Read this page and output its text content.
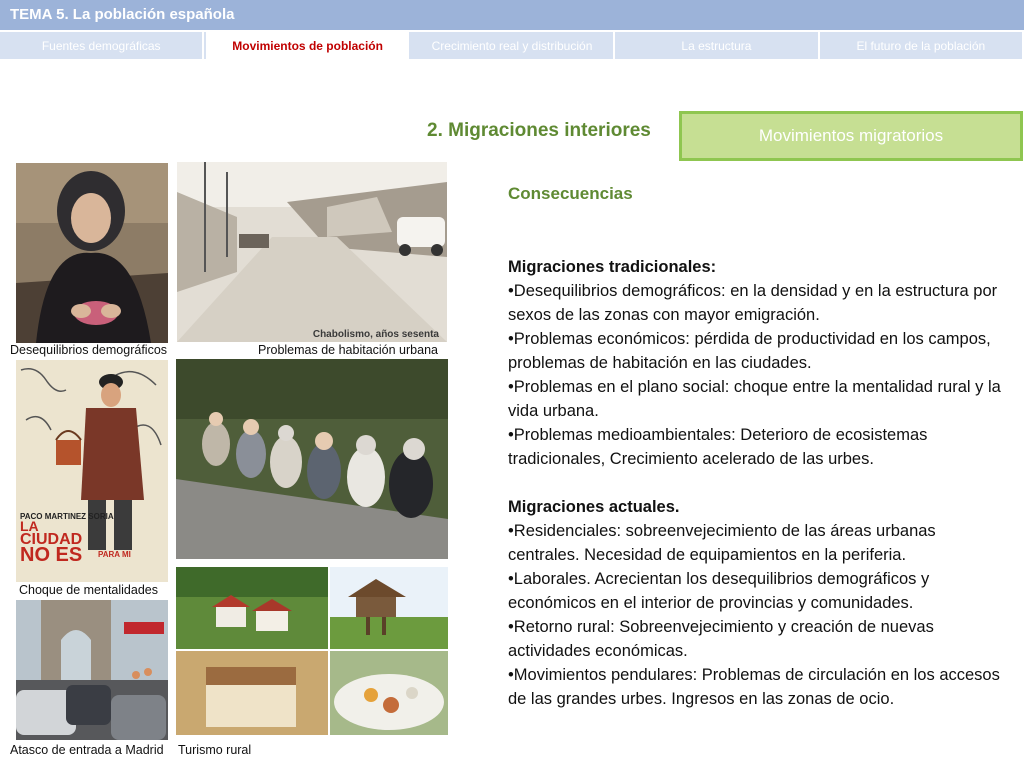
TEMA 5. La población española
Fuentes demográficas	Movimientos de población	Crecimiento real y distribución	La estructura	El futuro de la población
2. Migraciones interiores	Movimientos migratorios
Consecuencias
Migraciones tradicionales:
•Desequilibrios demográficos: en la densidad y en la estructura por sexos de las zonas con mayor emigración.
•Problemas económicos: pérdida de productividad en los campos, problemas de habitación en las ciudades.
•Problemas en el plano social: choque entre la mentalidad rural y la vida urbana.
•Problemas medioambientales: Deterioro de ecosistemas tradicionales, Crecimiento acelerado de las urbes.
Migraciones actuales.
•Residenciales: sobreenvejecimiento de las áreas urbanas centrales. Necesidad de equipamientos en la periferia.
•Laborales. Acrecientan los desequilibrios demográficos y económicos en el interior de provincias y comunidades.
•Retorno rural: Sobreenvejecimiento y creación de nuevas actividades económicas.
•Movimientos pendulares: Problemas de circulación en los accesos de las grandes urbes. Ingresos en las zonas de ocio.
Desequilibrios demográficos
Chabolismo, años sesenta
Problemas de habitación urbana
PACO MARTINEZ SORIA
LA
CIUDAD
NO ES PARA MI
Choque de mentalidades
Atasco de entrada a Madrid Turismo rural
